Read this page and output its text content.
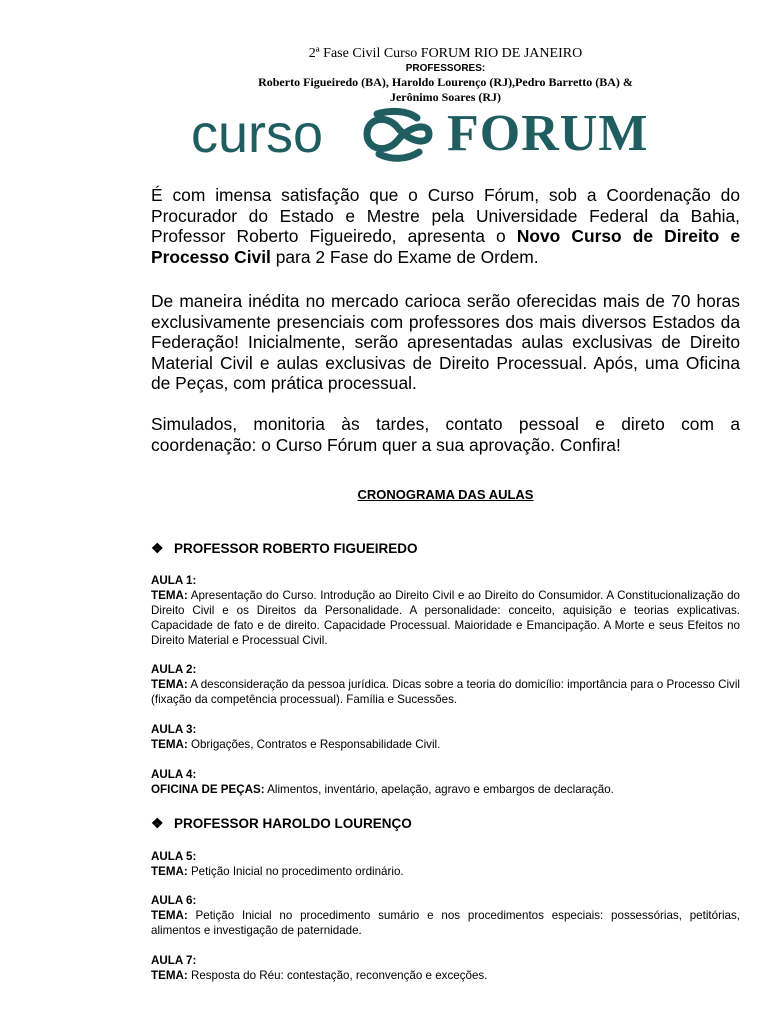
2ª Fase Civil Curso FORUM RIO DE JANEIRO
PROFESSORES:
Roberto Figueiredo (BA), Haroldo Lourenço (RJ),Pedro Barretto (BA) &
Jerônimo Soares (RJ)
curso FORUM
É com imensa satisfação que o Curso Fórum, sob a Coordenação do Procurador do Estado e Mestre pela Universidade Federal da Bahia, Professor Roberto Figueiredo, apresenta o Novo Curso de Direito e Processo Civil para 2 Fase do Exame de Ordem.
De maneira inédita no mercado carioca serão oferecidas mais de 70 horas exclusivamente presenciais com professores dos mais diversos Estados da Federação! Inicialmente, serão apresentadas aulas exclusivas de Direito Material Civil e aulas exclusivas de Direito Processual. Após, uma Oficina de Peças, com prática processual.
Simulados, monitoria às tardes, contato pessoal e direto com a coordenação: o Curso Fórum quer a sua aprovação. Confira!
CRONOGRAMA DAS AULAS
❖ PROFESSOR ROBERTO FIGUEIREDO
AULA 1:
TEMA: Apresentação do Curso. Introdução ao Direito Civil e ao Direito do Consumidor. A Constitucionalização do Direito Civil e os Direitos da Personalidade. A personalidade: conceito, aquisição e teorias explicativas. Capacidade de fato e de direito. Capacidade Processual. Maioridade e Emancipação. A Morte e seus Efeitos no Direito Material e Processual Civil.
AULA 2:
TEMA: A desconsideração da pessoa jurídica. Dicas sobre a teoria do domicílio: importância para o Processo Civil (fixação da competência processual). Família e Sucessões.
AULA 3:
TEMA: Obrigações, Contratos e Responsabilidade Civil.
AULA 4:
OFICINA DE PEÇAS: Alimentos, inventário, apelação, agravo e embargos de declaração.
❖ PROFESSOR HAROLDO LOURENÇO
AULA 5:
TEMA: Petição Inicial no procedimento ordinário.
AULA 6:
TEMA: Petição Inicial no procedimento sumário e nos procedimentos especiais: possessórias, petitórias, alimentos e investigação de paternidade.
AULA 7:
TEMA: Resposta do Réu: contestação, reconvenção e exceções.
